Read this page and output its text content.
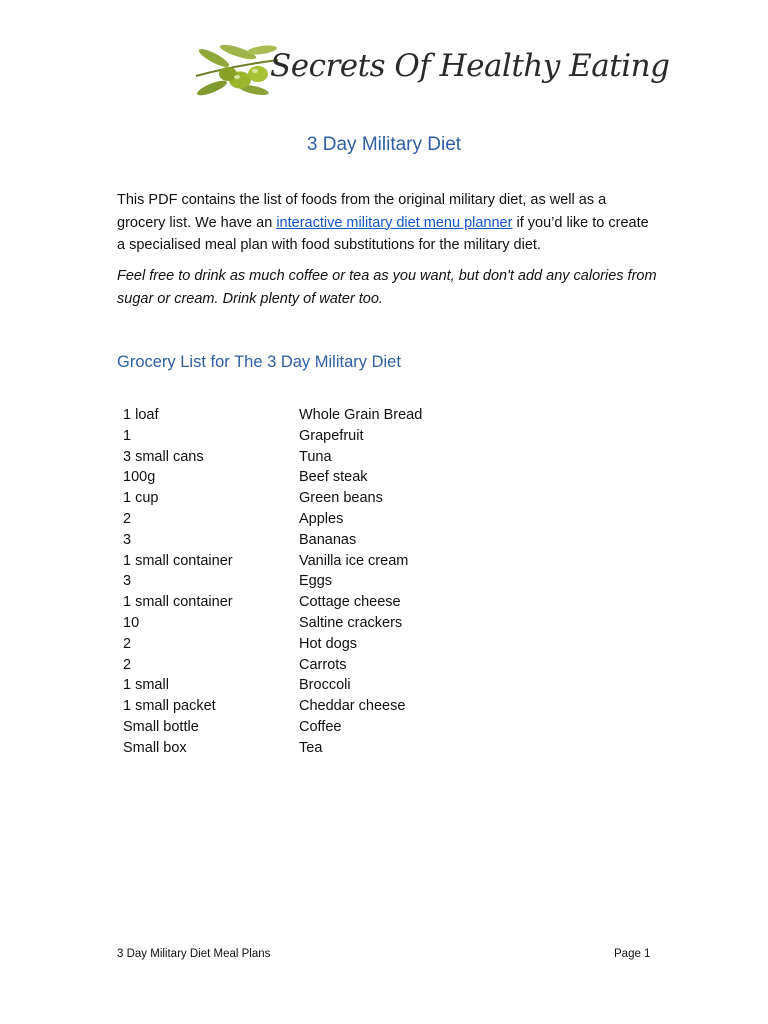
Secrets Of Healthy Eating
3 Day Military Diet

This PDF contains the list of foods from the original military diet, as well as a grocery list. We have an interactive military diet menu planner if you’d like to create a specialised meal plan with food substitutions for the military diet.

Feel free to drink as much coffee or tea as you want, but don't add any calories from sugar or cream. Drink plenty of water too.

Grocery List for The 3 Day Military Diet
1 loaf	Whole Grain Bread
1	Grapefruit
3 small cans	Tuna
100g	Beef steak
1 cup	Green beans
2	Apples
3	Bananas
1 small container	Vanilla ice cream
3	Eggs
1 small container	Cottage cheese
10	Saltine crackers
2	Hot dogs
2	Carrots
1 small	Broccoli
1 small packet	Cheddar cheese
Small bottle	Coffee
Small box	Tea
3 Day Military Diet Meal Plans	Page 1
